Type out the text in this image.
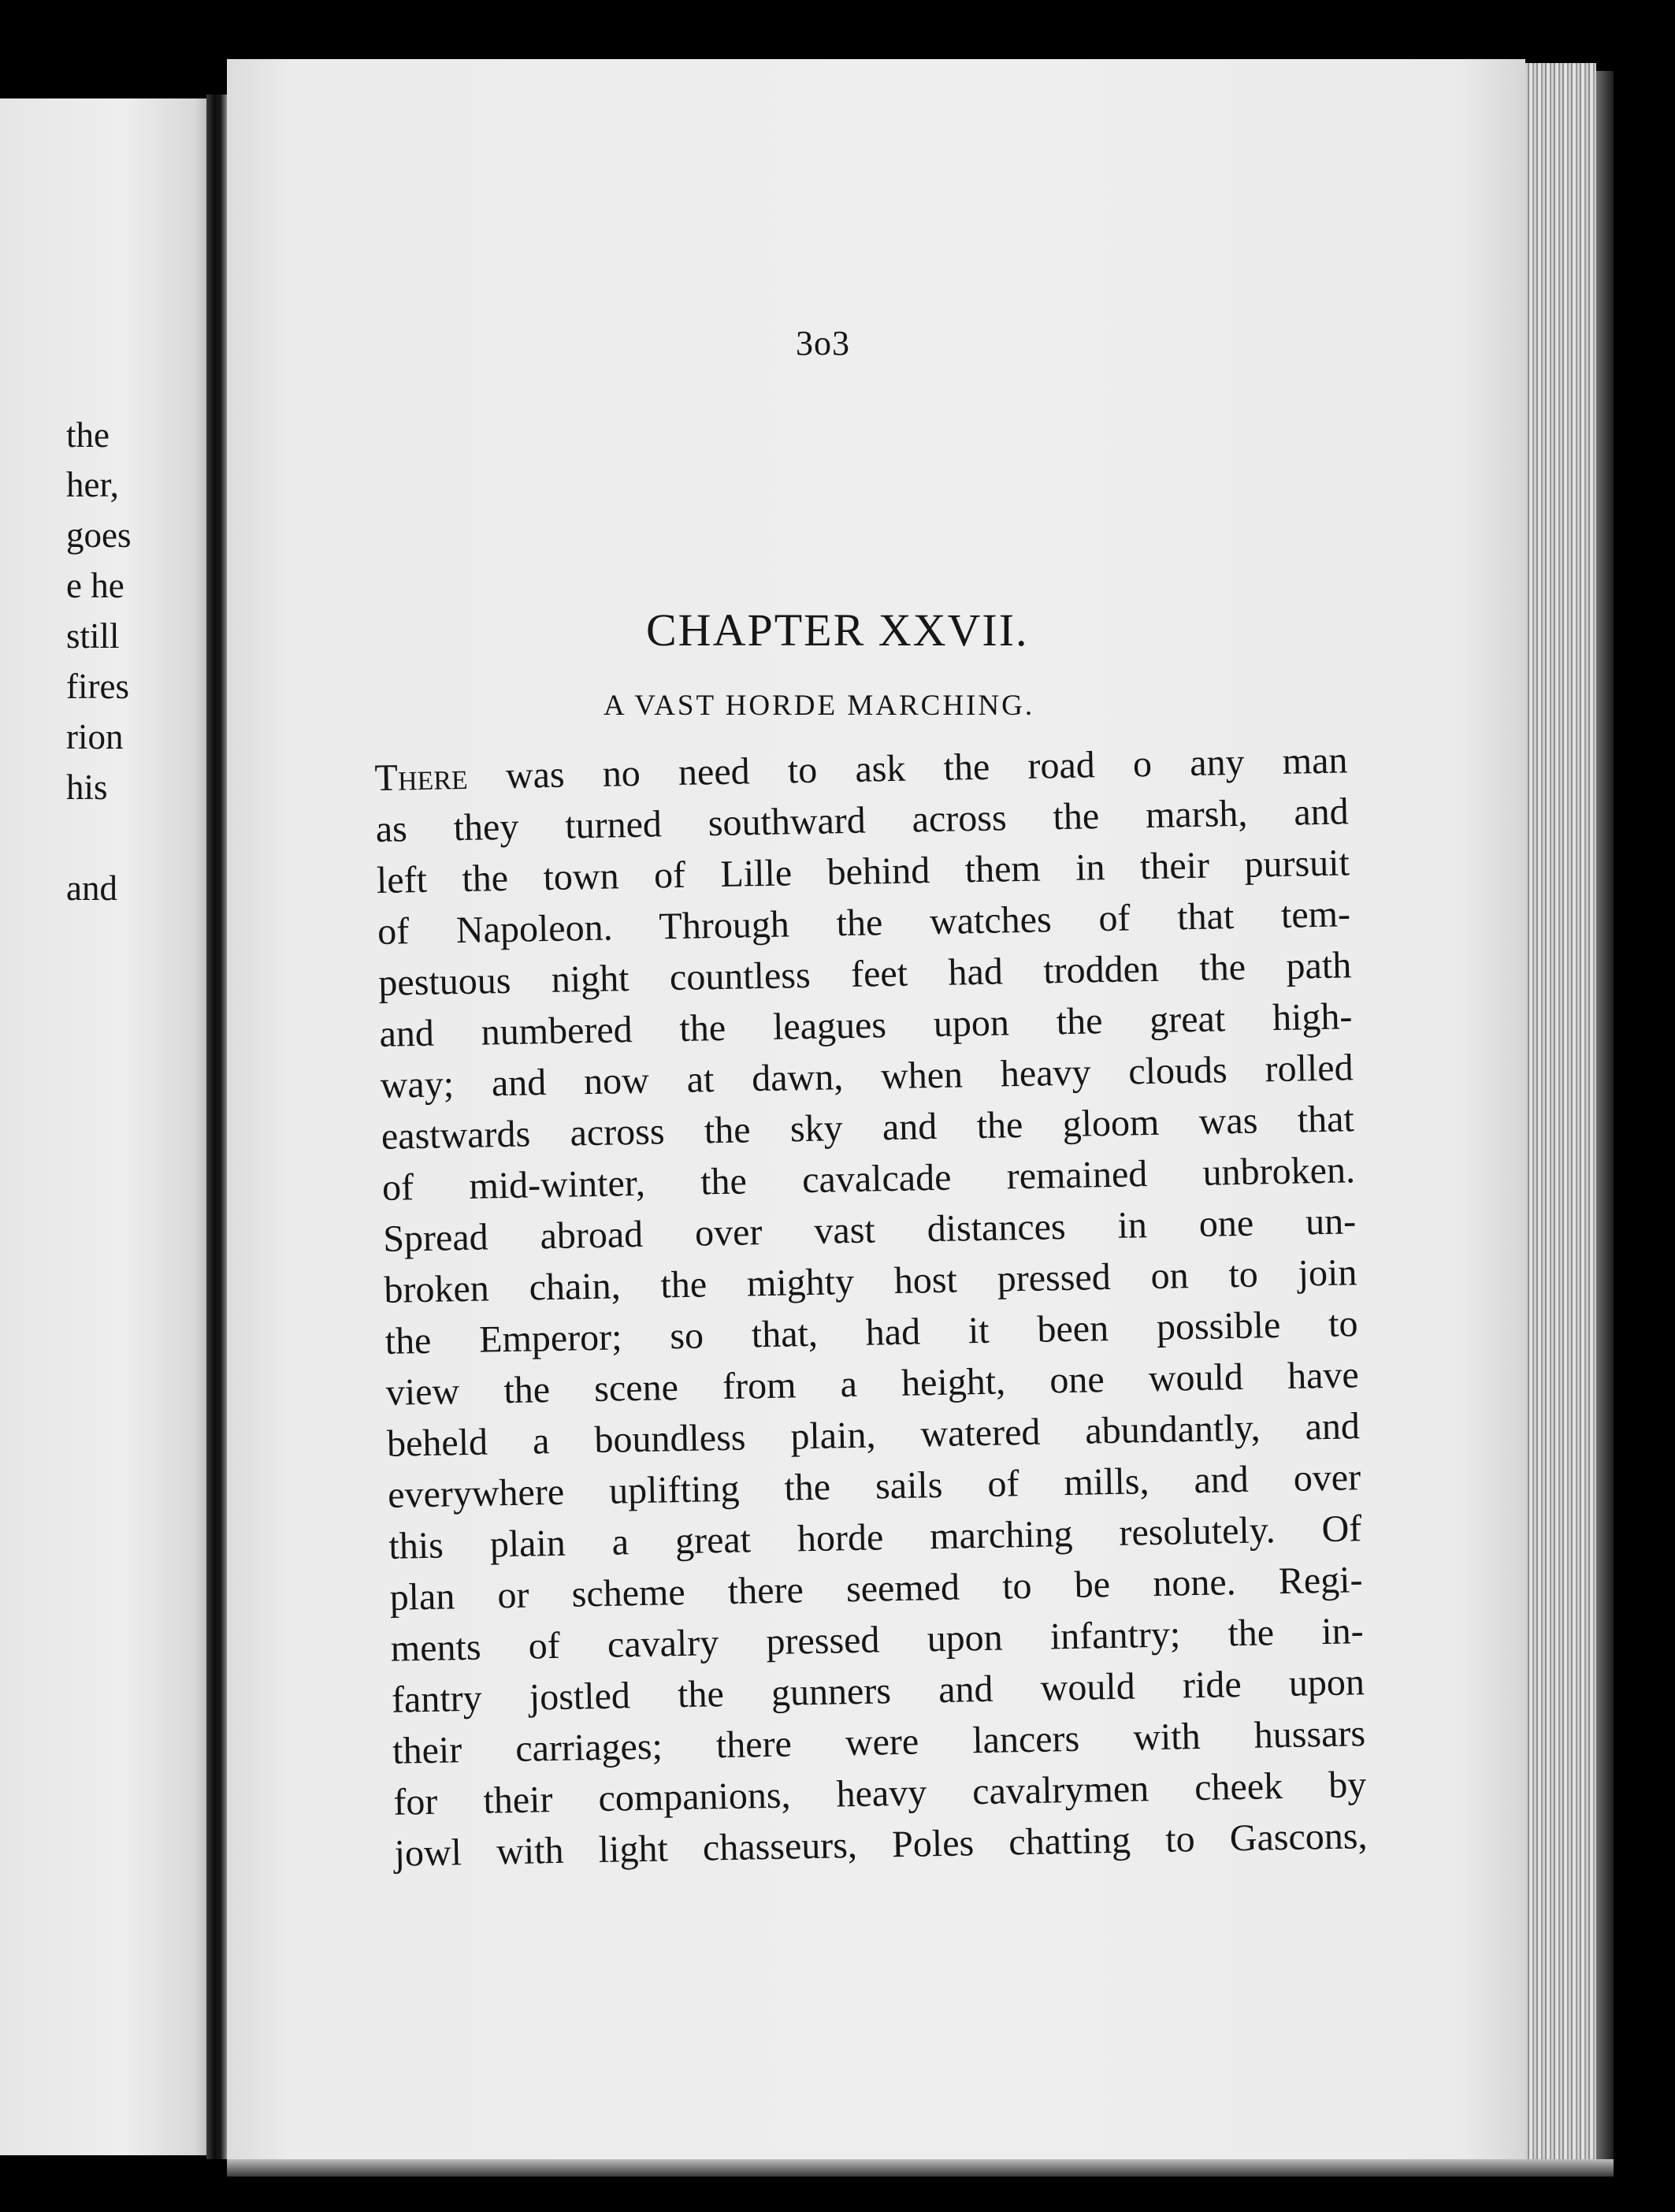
the
her,
goes
e he
still
fires
rion
his
and
3o3
CHAPTER XXVII.
A VAST HORDE MARCHING.
There was no need to ask the road o any man
as they turned southward across the marsh, and
left the town of Lille behind them in their pursuit
of Napoleon. Through the watches of that tem-
pestuous night countless feet had trodden the path
and numbered the leagues upon the great high-
way; and now at dawn, when heavy clouds rolled
eastwards across the sky and the gloom was that
of mid-winter, the cavalcade remained unbroken.
Spread abroad over vast distances in one un-
broken chain, the mighty host pressed on to join
the Emperor; so that, had it been possible to
view the scene from a height, one would have
beheld a boundless plain, watered abundantly, and
everywhere uplifting the sails of mills, and over
this plain a great horde marching resolutely. Of
plan or scheme there seemed to be none. Regi-
ments of cavalry pressed upon infantry; the in-
fantry jostled the gunners and would ride upon
their carriages; there were lancers with hussars
for their companions, heavy cavalrymen cheek by
jowl with light chasseurs, Poles chatting to Gascons,
